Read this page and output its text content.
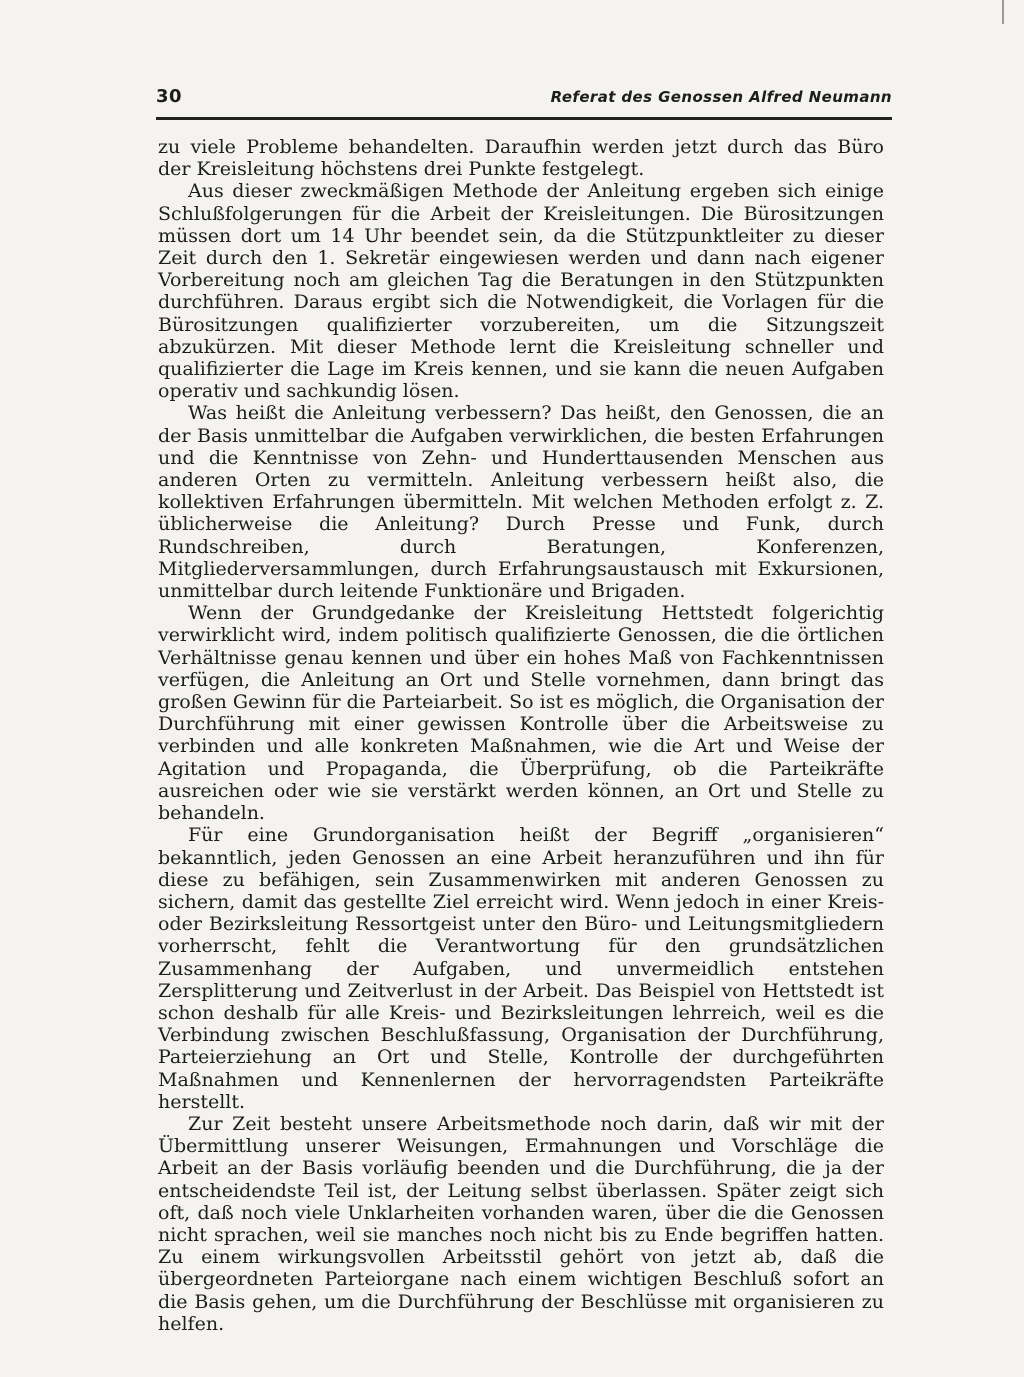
30	Referat des Genossen Alfred Neumann

zu viele Probleme behandelten. Daraufhin werden jetzt durch das Büro der Kreisleitung höchstens drei Punkte festgelegt.

Aus dieser zweckmäßigen Methode der Anleitung ergeben sich einige Schlußfolgerungen für die Arbeit der Kreisleitungen. Die Bürositzungen müssen dort um 14 Uhr beendet sein, da die Stützpunktleiter zu dieser Zeit durch den 1. Sekretär eingewiesen werden und dann nach eigener Vorbereitung noch am gleichen Tag die Beratungen in den Stützpunkten durchführen. Daraus ergibt sich die Notwendigkeit, die Vorlagen für die Bürositzungen qualifizierter vorzubereiten, um die Sitzungszeit abzukürzen. Mit dieser Methode lernt die Kreisleitung schneller und qualifizierter die Lage im Kreis kennen, und sie kann die neuen Aufgaben operativ und sachkundig lösen.

Was heißt die Anleitung verbessern? Das heißt, den Genossen, die an der Basis unmittelbar die Aufgaben verwirklichen, die besten Erfahrungen und die Kenntnisse von Zehn- und Hunderttausenden Menschen aus anderen Orten zu vermitteln. Anleitung verbessern heißt also, die kollektiven Erfahrungen übermitteln. Mit welchen Methoden erfolgt z. Z. üblicherweise die Anleitung? Durch Presse und Funk, durch Rundschreiben, durch Beratungen, Konferenzen, Mitgliederversammlungen, durch Erfahrungsaustausch mit Exkursionen, unmittelbar durch leitende Funktionäre und Brigaden.

Wenn der Grundgedanke der Kreisleitung Hettstedt folgerichtig verwirklicht wird, indem politisch qualifizierte Genossen, die die örtlichen Verhältnisse genau kennen und über ein hohes Maß von Fachkenntnissen verfügen, die Anleitung an Ort und Stelle vornehmen, dann bringt das großen Gewinn für die Parteiarbeit. So ist es möglich, die Organisation der Durchführung mit einer gewissen Kontrolle über die Arbeitsweise zu verbinden und alle konkreten Maßnahmen, wie die Art und Weise der Agitation und Propaganda, die Überprüfung, ob die Parteikräfte ausreichen oder wie sie verstärkt werden können, an Ort und Stelle zu behandeln.

Für eine Grundorganisation heißt der Begriff „organisieren“ bekanntlich, jeden Genossen an eine Arbeit heranzuführen und ihn für diese zu befähigen, sein Zusammenwirken mit anderen Genossen zu sichern, damit das gestellte Ziel erreicht wird. Wenn jedoch in einer Kreis- oder Bezirksleitung Ressortgeist unter den Büro- und Leitungsmitgliedern vorherrscht, fehlt die Verantwortung für den grundsätzlichen Zusammenhang der Aufgaben, und unvermeidlich entstehen Zersplitterung und Zeitverlust in der Arbeit. Das Beispiel von Hettstedt ist schon deshalb für alle Kreis- und Bezirksleitungen lehrreich, weil es die Verbindung zwischen Beschlußfassung, Organisation der Durchführung, Parteierziehung an Ort und Stelle, Kontrolle der durchgeführten Maßnahmen und Kennenlernen der hervorragendsten Parteikräfte herstellt.

Zur Zeit besteht unsere Arbeitsmethode noch darin, daß wir mit der Übermittlung unserer Weisungen, Ermahnungen und Vorschläge die Arbeit an der Basis vorläufig beenden und die Durchführung, die ja der entscheidendste Teil ist, der Leitung selbst überlassen. Später zeigt sich oft, daß noch viele Unklarheiten vorhanden waren, über die die Genossen nicht sprachen, weil sie manches noch nicht bis zu Ende begriffen hatten. Zu einem wirkungsvollen Arbeitsstil gehört von jetzt ab, daß die übergeordneten Parteiorgane nach einem wichtigen Beschluß sofort an die Basis gehen, um die Durchführung der Beschlüsse mit organisieren zu helfen.
